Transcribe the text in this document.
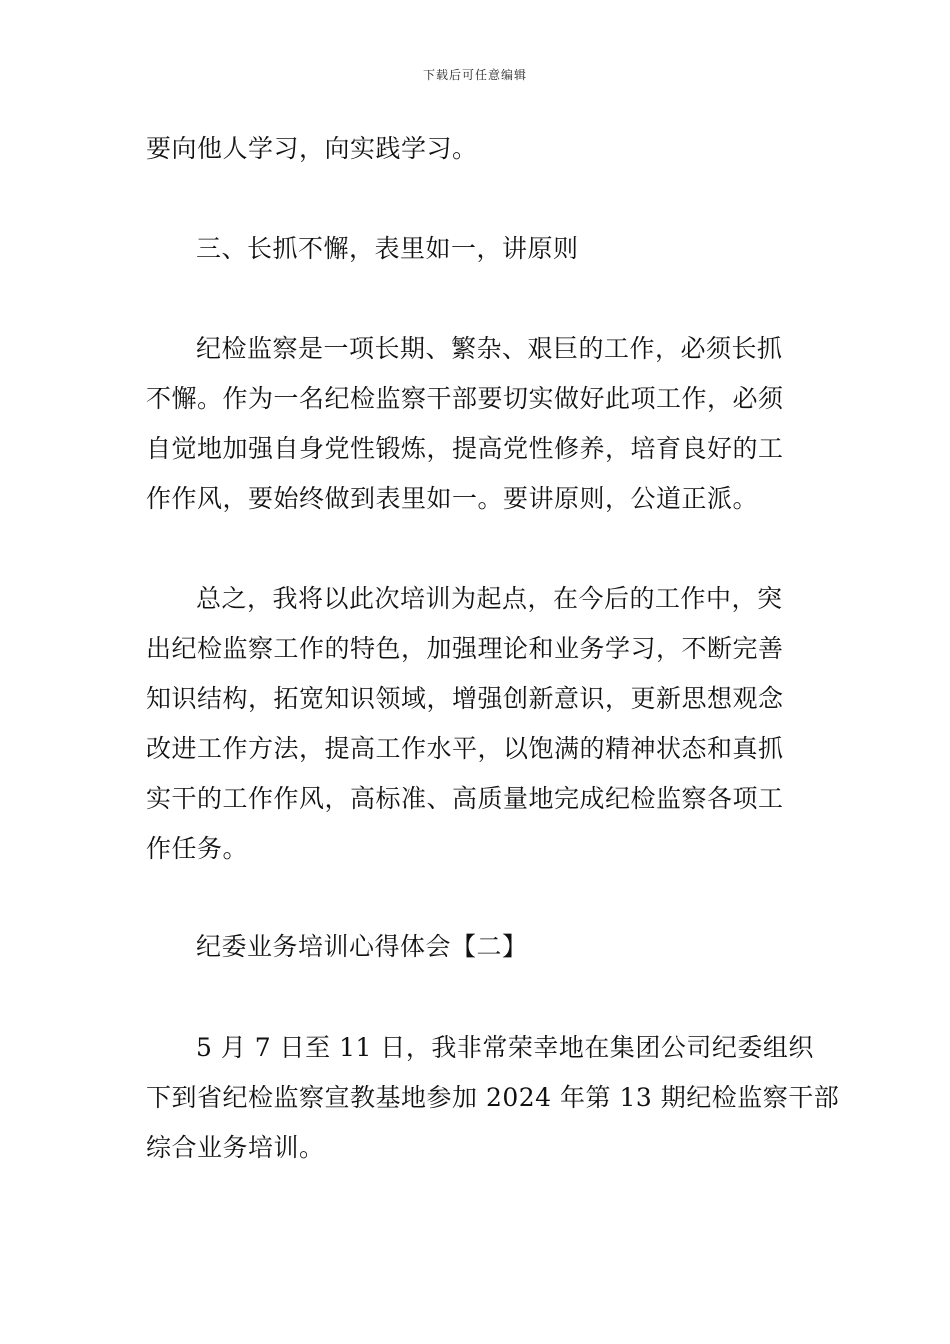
下载后可任意编辑
要向他人学习，向实践学习。
三、长抓不懈，表里如一，讲原则
纪检监察是一项长期、繁杂、艰巨的工作，必须长抓
不懈。作为一名纪检监察干部要切实做好此项工作，必须
自觉地加强自身党性锻炼，提高党性修养，培育良好的工
作作风，要始终做到表里如一。要讲原则，公道正派。
总之，我将以此次培训为起点，在今后的工作中，突
出纪检监察工作的特色，加强理论和业务学习，不断完善
知识结构，拓宽知识领域，增强创新意识，更新思想观念
改进工作方法，提高工作水平，以饱满的精神状态和真抓
实干的工作作风，高标准、高质量地完成纪检监察各项工
作任务。
纪委业务培训心得体会【二】
5 月 7 日至 11 日，我非常荣幸地在集团公司纪委组织
下到省纪检监察宣教基地参加 2024 年第 13 期纪检监察干部
综合业务培训。
